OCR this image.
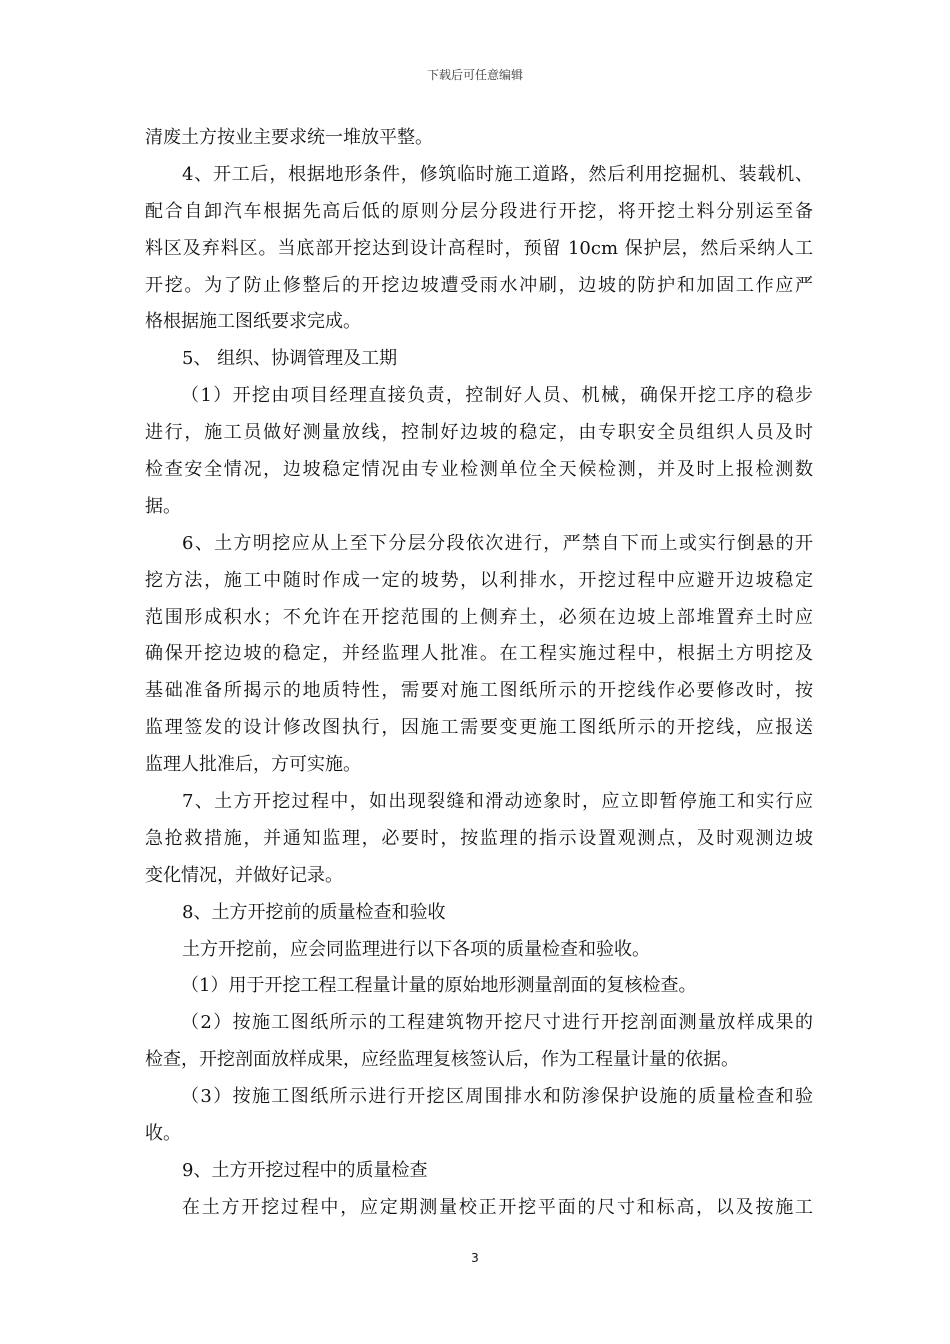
下载后可任意编辑
清废土方按业主要求统一堆放平整。
4、开工后，根据地形条件，修筑临时施工道路，然后利用挖掘机、装载机、
配合自卸汽车根据先高后低的原则分层分段进行开挖，将开挖土料分别运至备
料区及弃料区。当底部开挖达到设计高程时，预留 10cm 保护层，然后采纳人工
开挖。为了防止修整后的开挖边坡遭受雨水冲刷，边坡的防护和加固工作应严
格根据施工图纸要求完成。
5、 组织、协调管理及工期
（1）开挖由项目经理直接负责，控制好人员、机械，确保开挖工序的稳步
进行，施工员做好测量放线，控制好边坡的稳定，由专职安全员组织人员及时
检查安全情况，边坡稳定情况由专业检测单位全天候检测，并及时上报检测数
据。
6、土方明挖应从上至下分层分段依次进行，严禁自下而上或实行倒悬的开
挖方法，施工中随时作成一定的坡势，以利排水，开挖过程中应避开边坡稳定
范围形成积水；不允许在开挖范围的上侧弃土，必须在边坡上部堆置弃土时应
确保开挖边坡的稳定，并经监理人批准。在工程实施过程中，根据土方明挖及
基础准备所揭示的地质特性，需要对施工图纸所示的开挖线作必要修改时，按
监理签发的设计修改图执行，因施工需要变更施工图纸所示的开挖线，应报送
监理人批准后，方可实施。
7、土方开挖过程中，如出现裂缝和滑动迹象时，应立即暂停施工和实行应
急抢救措施，并通知监理，必要时，按监理的指示设置观测点，及时观测边坡
变化情况，并做好记录。
8、土方开挖前的质量检查和验收
土方开挖前，应会同监理进行以下各项的质量检查和验收。
（1）用于开挖工程工程量计量的原始地形测量剖面的复核检查。
（2）按施工图纸所示的工程建筑物开挖尺寸进行开挖剖面测量放样成果的
检查，开挖剖面放样成果，应经监理复核签认后，作为工程量计量的依据。
（3）按施工图纸所示进行开挖区周围排水和防渗保护设施的质量检查和验
收。
9、土方开挖过程中的质量检查
在土方开挖过程中，应定期测量校正开挖平面的尺寸和标高，以及按施工
3
